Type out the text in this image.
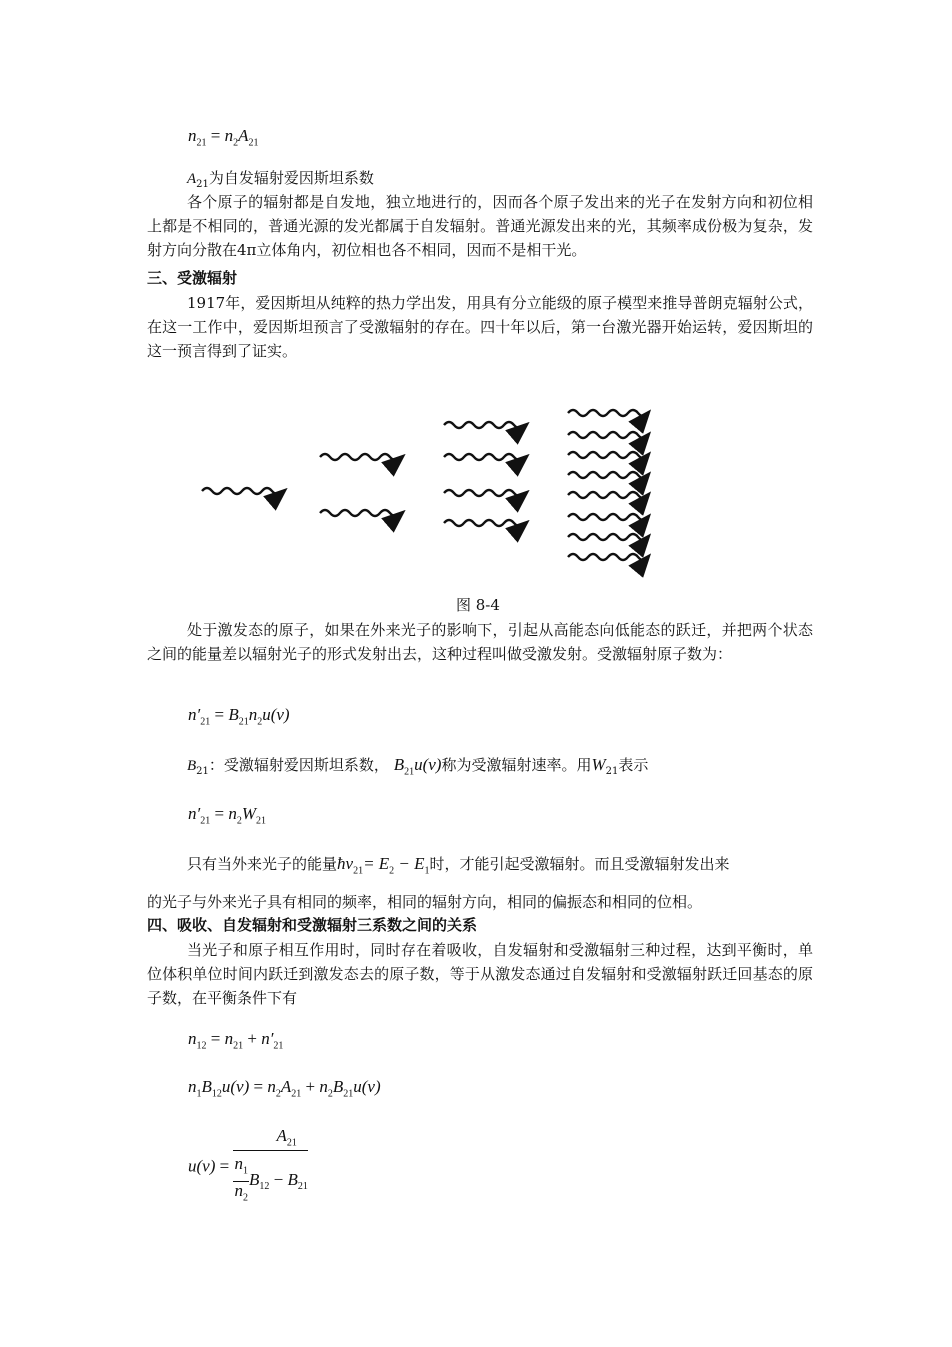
$n_{21} = n_2A_{21}$
$A_{21}$为自发辐射爱因斯坦系数
各个原子的辐射都是自发地，独立地进行的，因而各个原子发出来的光子在发射方向和初位相上都是不相同的，普通光源的发光都属于自发辐射。普通光源发出来的光，其频率成份极为复杂，发射方向分散在4π立体角内，初位相也各不相同，因而不是相干光。
三、受激辐射
1917年，爱因斯坦从纯粹的热力学出发，用具有分立能级的原子模型来推导普朗克辐射公式，在这一工作中，爱因斯坦预言了受激辐射的存在。四十年以后，第一台激光器开始运转，爱因斯坦的这一预言得到了证实。
图 8-4
处于激发态的原子，如果在外来光子的影响下，引起从高能态向低能态的跃迁，并把两个状态之间的能量差以辐射光子的形式发射出去，这种过程叫做受激发射。受激辐射原子数为：
$n'_{21} = B_{21}n_2u(\nu)$
$B_{21}$：受激辐射爱因斯坦系数， $B_{21}u(\nu)$称为受激辐射速率。用$W_{21}$表示
$n'_{21} = n_2W_{21}$
只有当外来光子的能量$ħ\nu_{21}= E_2 - E_1$时，才能引起受激辐射。而且受激辐射发出来
的光子与外来光子具有相同的频率，相同的辐射方向，相同的偏振态和相同的位相。
四、吸收、自发辐射和受激辐射三系数之间的关系
当光子和原子相互作用时，同时存在着吸收，自发辐射和受激辐射三种过程，达到平衡时，单位体积单位时间内跃迁到激发态去的原子数，等于从激发态通过自发辐射和受激辐射跃迁回基态的原子数，在平衡条件下有
$n_{12} = n_{21} + n'_{21}$
$n_1B_{12}u(\nu) = n_2A_{21} + n_2B_{21}u(\nu)$
$u(\nu) = \frac{A_{21}}{\frac{n_1}{n_2} B_{12} - B_{21}}$
